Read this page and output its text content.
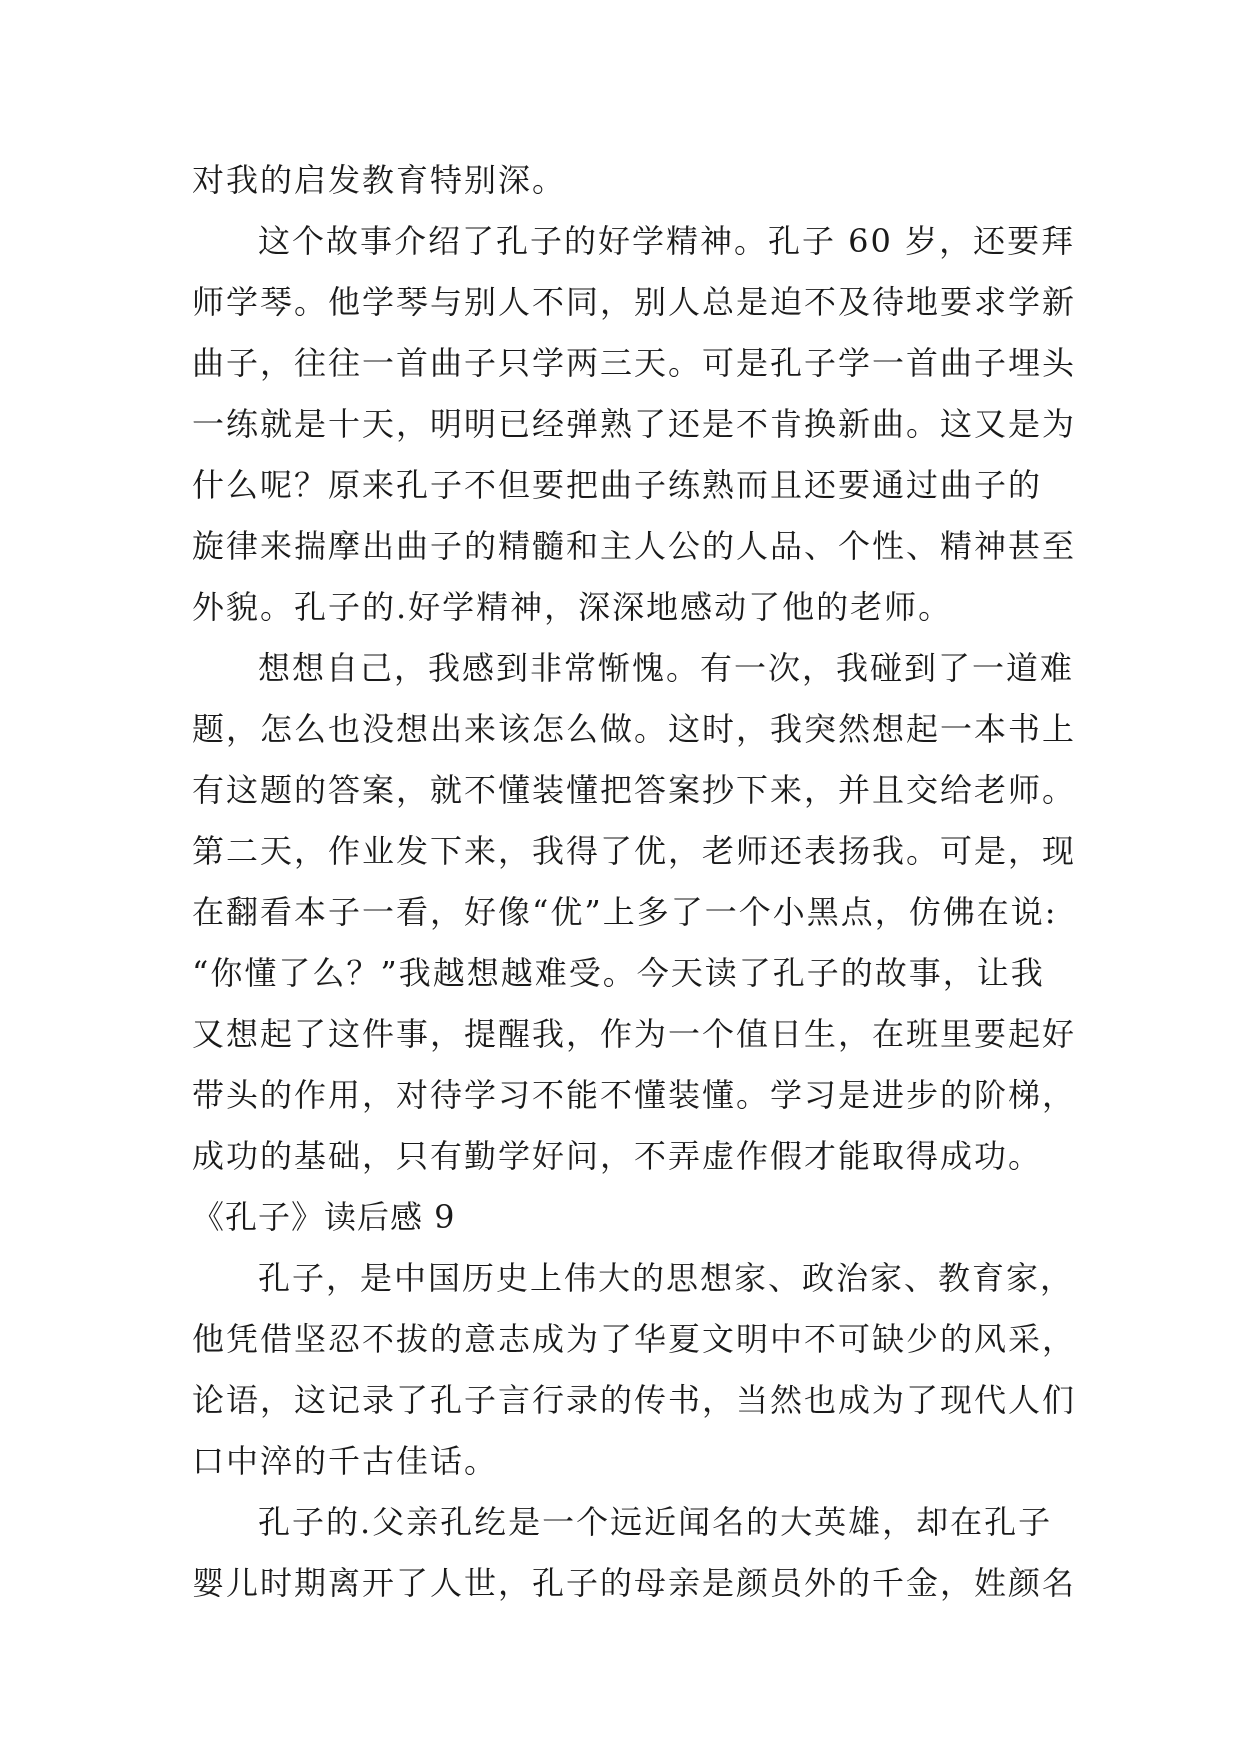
对我的启发教育特别深。
这个故事介绍了孔子的好学精神。孔子 60 岁，还要拜
师学琴。他学琴与别人不同，别人总是迫不及待地要求学新
曲子，往往一首曲子只学两三天。可是孔子学一首曲子埋头
一练就是十天，明明已经弹熟了还是不肯换新曲。这又是为
什么呢？原来孔子不但要把曲子练熟而且还要通过曲子的
旋律来揣摩出曲子的精髓和主人公的人品、个性、精神甚至
外貌。孔子的.好学精神，深深地感动了他的老师。
想想自己，我感到非常惭愧。有一次，我碰到了一道难
题，怎么也没想出来该怎么做。这时，我突然想起一本书上
有这题的答案，就不懂装懂把答案抄下来，并且交给老师。
第二天，作业发下来，我得了优，老师还表扬我。可是，现
在翻看本子一看，好像“优”上多了一个小黑点，仿佛在说:
“你懂了么？”我越想越难受。今天读了孔子的故事，让我
又想起了这件事，提醒我，作为一个值日生，在班里要起好
带头的作用，对待学习不能不懂装懂。学习是进步的阶梯，
成功的基础，只有勤学好问，不弄虚作假才能取得成功。
《孔子》读后感 9
孔子，是中国历史上伟大的思想家、政治家、教育家，
他凭借坚忍不拔的意志成为了华夏文明中不可缺少的风采，
论语，这记录了孔子言行录的传书，当然也成为了现代人们
口中淬的千古佳话。
孔子的.父亲孔纥是一个远近闻名的大英雄，却在孔子
婴儿时期离开了人世，孔子的母亲是颜员外的千金，姓颜名
